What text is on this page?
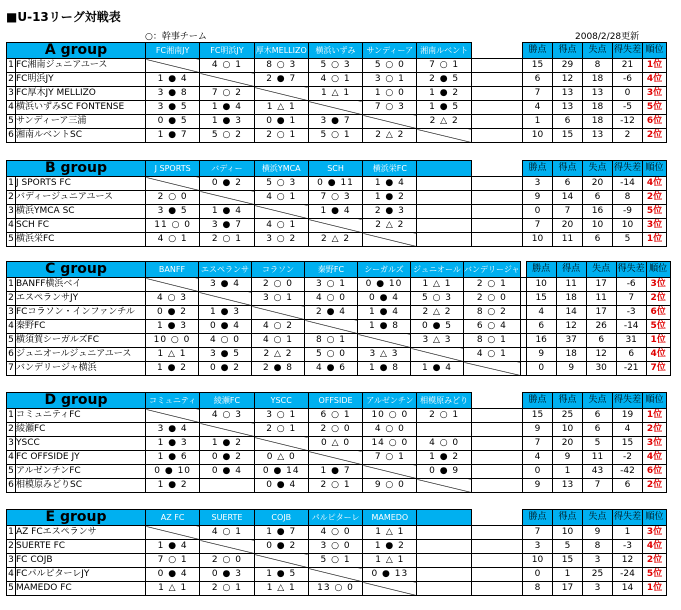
■U-13リーグ対戦表
○：幹事チーム	2008/2/28更新
A group		FC湘南JY	FC明浜JY	厚木MELLIZO	横浜いずみ	サンディーア	湘南ルベント		勝点	得点	失点	得失差	順位
1	FC湘南ジュニアユース		4 ○ 1	8 ○ 3	5 ○ 3	5 ○ 0	7 ○ 1		15	29	8	21	1位
2	FC明浜JY	1 ● 4		2 ● 7	4 ○ 1	3 ○ 1	2 ● 5		6	12	18	-6	4位
3	FC厚木JY MELLIZO	3 ● 8	7 ○ 2		1 △ 1	1 ○ 0	1 ● 2		7	13	13	0	3位
4	横浜いずみSC FONTENSE	3 ● 5	1 ● 4	1 △ 1		7 ○ 3	1 ● 5		4	13	18	-5	5位
5	サンディーア三浦	0 ● 5	1 ● 3	0 ● 1	3 ● 7		2 △ 2		1	6	18	-12	6位
6	湘南ルベントSC	1 ● 7	5 ○ 2	2 ○ 1	5 ○ 1	2 △ 2			10	15	13	2	2位
B group		J SPORTS	バディー	横浜YMCA	SCH	横浜栄FC			勝点	得点	失点	得失差	順位
1	J SPORTS FC		0 ● 2	5 ○ 3	0 ● 11	1 ● 4			3	6	20	-14	4位
2	バディージュニアユース	2 ○ 0		4 ○ 1	7 ○ 3	1 ● 2			9	14	6	8	2位
3	横浜YMCA SC	3 ● 5	1 ● 4		1 ● 4	2 ● 3			0	7	16	-9	5位
4	SCH FC	11 ○ 0	3 ● 7	4 ○ 1		2 △ 2			7	20	10	10	3位
5	横浜栄FC	4 ○ 1	2 ○ 1	3 ○ 2	2 △ 2				10	11	6	5	1位
C group		BANFF	エスペランサ	コラソン	秦野FC	シーガルズ	ジュニオール	バンデリージャ		勝点	得点	失点	得失差	順位
1	BANFF横浜ベイ		3 ● 4	2 ○ 0	3 ○ 1	0 ● 10	1 △ 1	2 ○ 1		10	11	17	-6	3位
2	エスペランサJY	4 ○ 3		3 ○ 1	4 ○ 0	0 ● 4	5 ○ 3	2 ○ 0		15	18	11	7	2位
3	FCコラソン・インファンチル	0 ● 2	1 ● 3		2 ● 4	1 ● 4	2 △ 2	8 ○ 2		4	14	17	-3	6位
4	秦野FC	1 ● 3	0 ● 4	4 ○ 2		1 ● 8	0 ● 5	6 ○ 4		6	12	26	-14	5位
5	横須賀シーガルズFC	10 ○ 0	4 ○ 0	4 ○ 1	8 ○ 1		3 △ 3	8 ○ 1		16	37	6	31	1位
6	ジュニオールジュニアユース	1 △ 1	3 ● 5	2 △ 2	5 ○ 0	3 △ 3		4 ○ 1		9	18	12	6	4位
7	バンデリージャ横浜	1 ● 2	0 ● 2	2 ● 8	4 ● 6	1 ● 8	1 ● 4			0	9	30	-21	7位
D group		コミュニティ	綾瀬FC	YSCC	OFFSIDE	アルゼンチン	相模原みどり		勝点	得点	失点	得失差	順位
1	コミュニティFC		4 ○ 3	3 ○ 1	6 ○ 1	10 ○ 0	2 ○ 1		15	25	6	19	1位
2	綾瀬FC	3 ● 4		2 ○ 1	2 ○ 0	4 ○ 0			9	10	6	4	2位
3	YSCC	1 ● 3	1 ● 2		0 △ 0	14 ○ 0	4 ○ 0		7	20	5	15	3位
4	FC OFFSIDE JY	1 ● 6	0 ● 2	0 △ 0		7 ○ 1	1 ● 2		4	9	11	-2	4位
5	アルゼンチンFC	0 ● 10	0 ● 4	0 ● 14	1 ● 7		0 ● 9		0	1	43	-42	6位
6	相模原みどりSC	1 ● 2		0 ● 4	2 ○ 1	9 ○ 0			9	13	7	6	2位
E group		AZ FC	SUERTE	COJB	パルピターレ	MAMEDO			勝点	得点	失点	得失差	順位
1	AZ FCエスペランサ		4 ○ 1	1 ● 7	4 ○ 0	1 △ 1			7	10	9	1	3位
2	SUERTE FC	1 ● 4		0 ● 2	3 ○ 0	1 ● 2			3	5	8	-3	4位
3	FC COJB	7 ○ 1	2 ○ 0		5 ○ 1	1 △ 1			10	15	3	12	2位
4	FCパルピターレJY	0 ● 4	0 ● 3	1 ● 5		0 ● 13			0	1	25	-24	5位
5	MAMEDO FC	1 △ 1	2 ○ 1	1 △ 1	13 ○ 0				8	17	3	14	1位
